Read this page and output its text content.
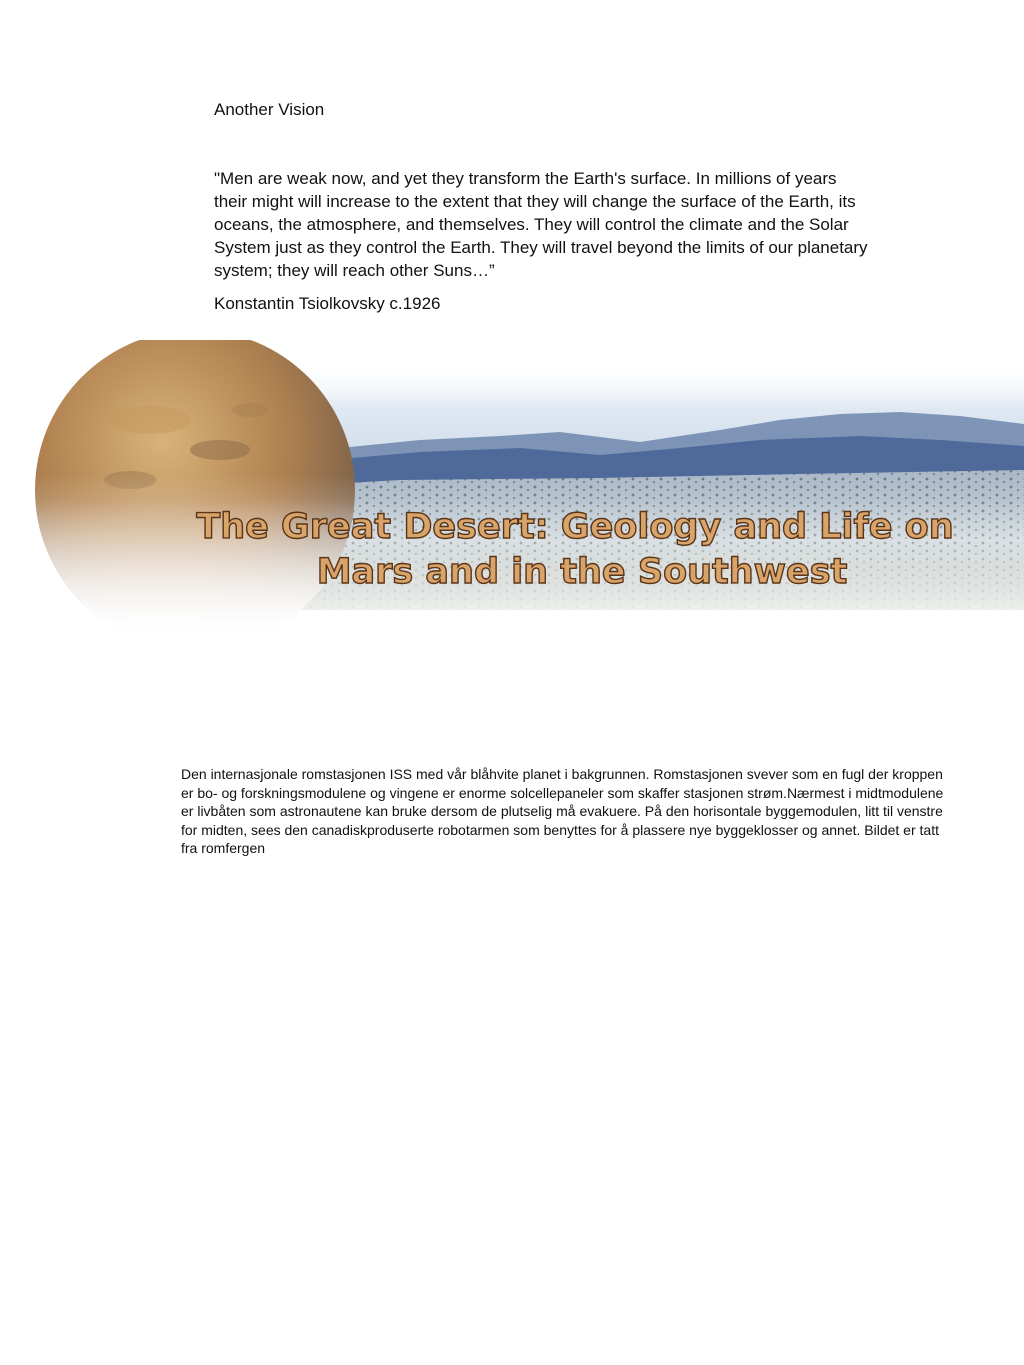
Another Vision
"Men are weak now, and yet they transform the Earth's surface. In millions of years their might will increase to the extent that they will change the surface of the Earth, its oceans, the atmosphere, and themselves. They will control the climate and the Solar System just as they control the Earth. They will travel beyond the limits of our planetary system; they will reach other Suns…”
Konstantin Tsiolkovsky c.1926
The Great Desert: Geology and Life on
Mars and in the Southwest
Den internasjonale romstasjonen ISS med vår blåhvite planet i bakgrunnen. Romstasjonen svever som en fugl der kroppen er bo- og forskningsmodulene og vingene er enorme solcellepaneler som skaffer stasjonen strøm.Nærmest i midtmodulene er livbåten som astronautene kan bruke dersom de plutselig må evakuere. På den horisontale byggemodulen, litt til venstre for midten, sees den canadiskproduserte robotarmen som benyttes for å plassere nye byggeklosser og annet. Bildet er tatt fra romfergen
